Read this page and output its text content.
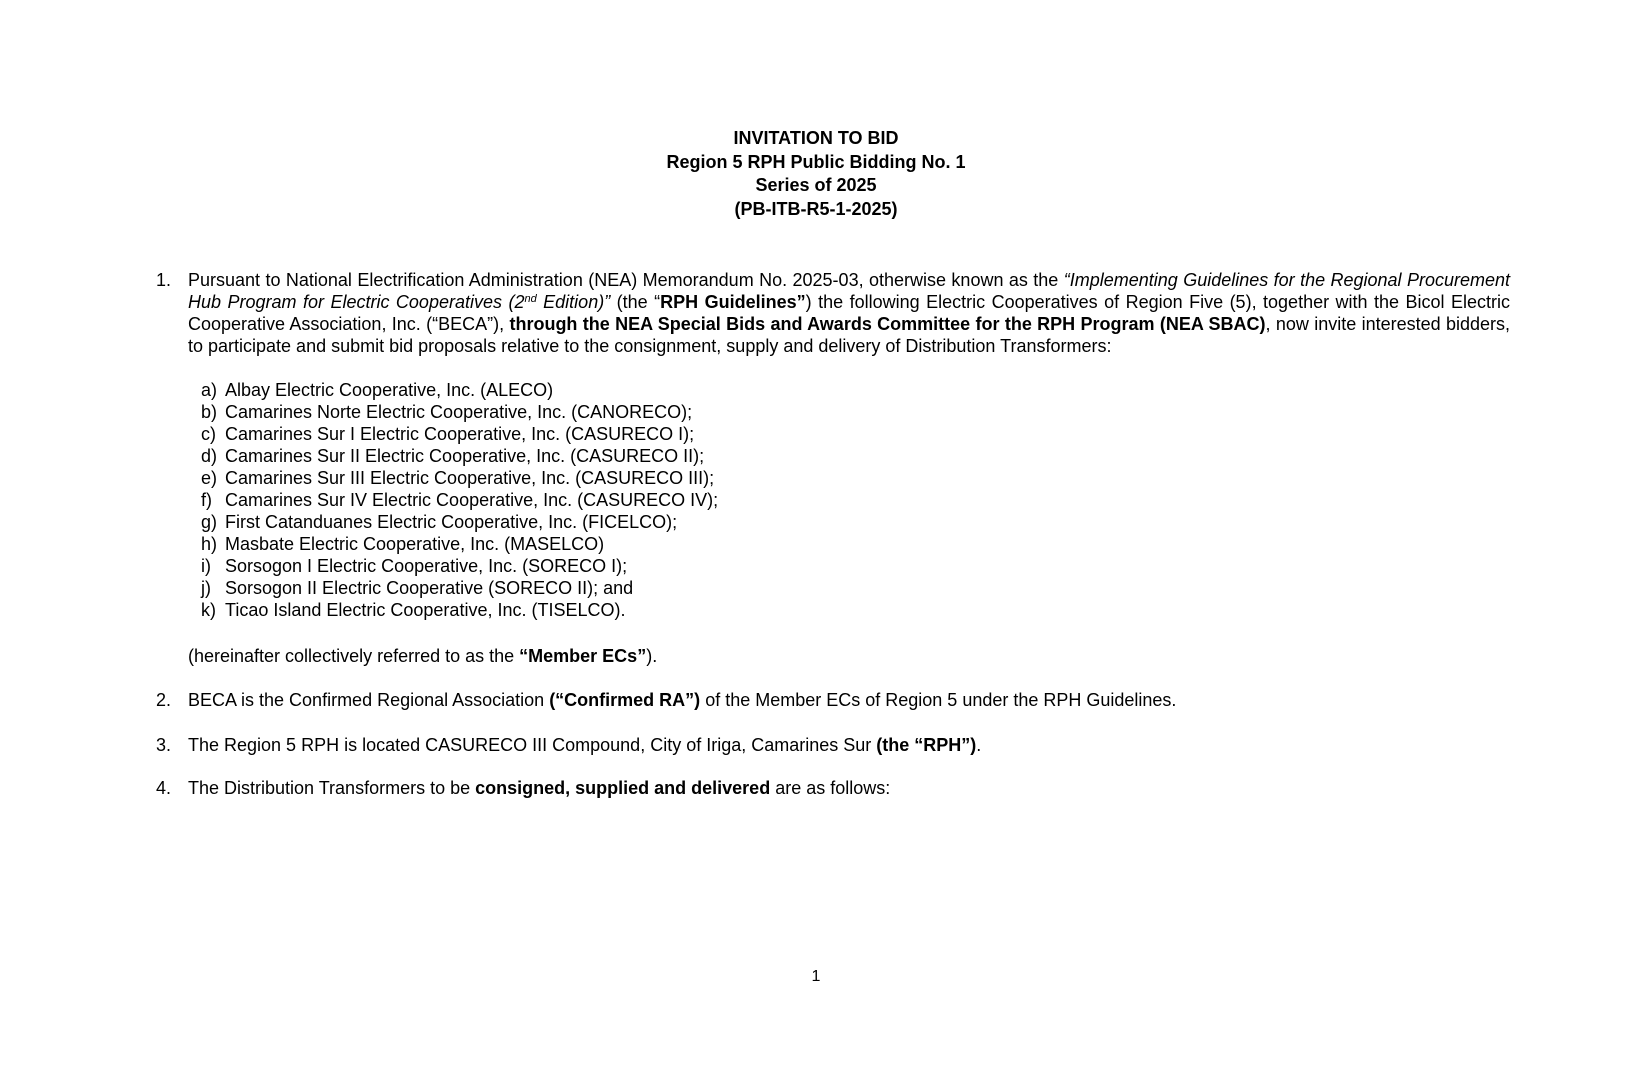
INVITATION TO BID
Region 5 RPH Public Bidding No. 1
Series of 2025
(PB-ITB-R5-1-2025)
1. Pursuant to National Electrification Administration (NEA) Memorandum No. 2025-03, otherwise known as the “Implementing Guidelines for the Regional Procurement Hub Program for Electric Cooperatives (2nd Edition)” (the “RPH Guidelines”) the following Electric Cooperatives of Region Five (5), together with the Bicol Electric Cooperative Association, Inc. (“BECA”), through the NEA Special Bids and Awards Committee for the RPH Program (NEA SBAC), now invite interested bidders, to participate and submit bid proposals relative to the consignment, supply and delivery of Distribution Transformers:
a) Albay Electric Cooperative, Inc. (ALECO)
b) Camarines Norte Electric Cooperative, Inc. (CANORECO);
c) Camarines Sur I Electric Cooperative, Inc. (CASURECO I);
d) Camarines Sur II Electric Cooperative, Inc. (CASURECO II);
e) Camarines Sur III Electric Cooperative, Inc. (CASURECO III);
f) Camarines Sur IV Electric Cooperative, Inc. (CASURECO IV);
g) First Catanduanes Electric Cooperative, Inc. (FICELCO);
h) Masbate Electric Cooperative, Inc. (MASELCO)
i) Sorsogon I Electric Cooperative, Inc. (SORECO I);
j) Sorsogon II Electric Cooperative (SORECO II); and
k) Ticao Island Electric Cooperative, Inc. (TISELCO).
(hereinafter collectively referred to as the “Member ECs”).
2. BECA is the Confirmed Regional Association (“Confirmed RA”) of the Member ECs of Region 5 under the RPH Guidelines.
3. The Region 5 RPH is located CASURECO III Compound, City of Iriga, Camarines Sur (the “RPH”).
4. The Distribution Transformers to be consigned, supplied and delivered are as follows:
1
